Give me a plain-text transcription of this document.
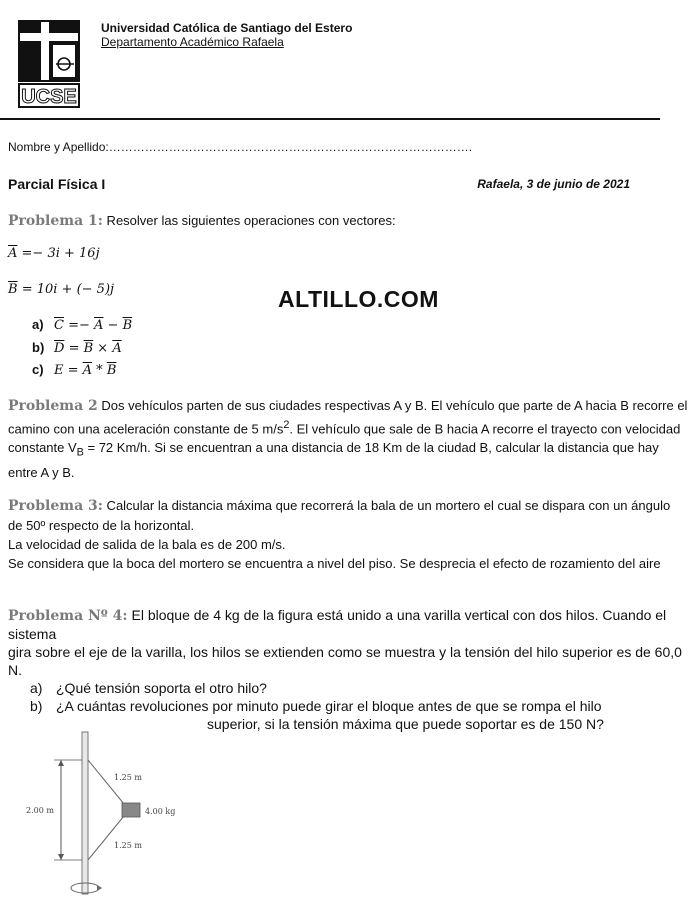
UCSE
Universidad Católica de Santiago del Estero
Departamento Académico Rafaela
Nombre y Apellido:……………………………………………………………………………….
Parcial Física I	Rafaela, 3 de junio de 2021
ALTILLO.COM
Problema 1: Resolver las siguientes operaciones con vectores:
$\overline{A} =- 3i + 16j$
$\overline{B} = 10i$ + (− 5)j
a) $\overline{C} =- \overline{A} - \overline{B}$
b) $\overline{D} = \overline{B} \times \overline{A}$
c) $E = \overline{A} * \overline{B}$
Problema 2 Dos vehículos parten de sus ciudades respectivas A y B. El vehículo que parte de A hacia B recorre el camino con una aceleración constante de 5 $m/s^2$. El vehículo que sale de B hacia A recorre el trayecto con velocidad constante $V_B = 72$ Km/h. Si se encuentran a una distancia de 18 Km de la ciudad B, calcular la distancia que hay entre A y B.
Problema 3: Calcular la distancia máxima que recorrerá la bala de un mortero el cual se dispara con un ángulo de 50º respecto de la horizontal.
La velocidad de salida de la bala es de 200 m/s.
Se considera que la boca del mortero se encuentra a nivel del piso. Se desprecia el efecto de rozamiento del aire
Problema Nº 4: El bloque de 4 kg de la figura está unido a una varilla vertical con dos hilos. Cuando el sistema
gira sobre el eje de la varilla, los hilos se extienden como se muestra y la tensión del hilo superior es de 60,0 N.
a) ¿Qué tensión soporta el otro hilo?
b) ¿A cuántas revoluciones por minuto puede girar el bloque antes de que se rompa el hilo
superior, si la tensión máxima que puede soportar es de 150 N?
2.00 m
1.25 m
1.25 m
4.00 kg
